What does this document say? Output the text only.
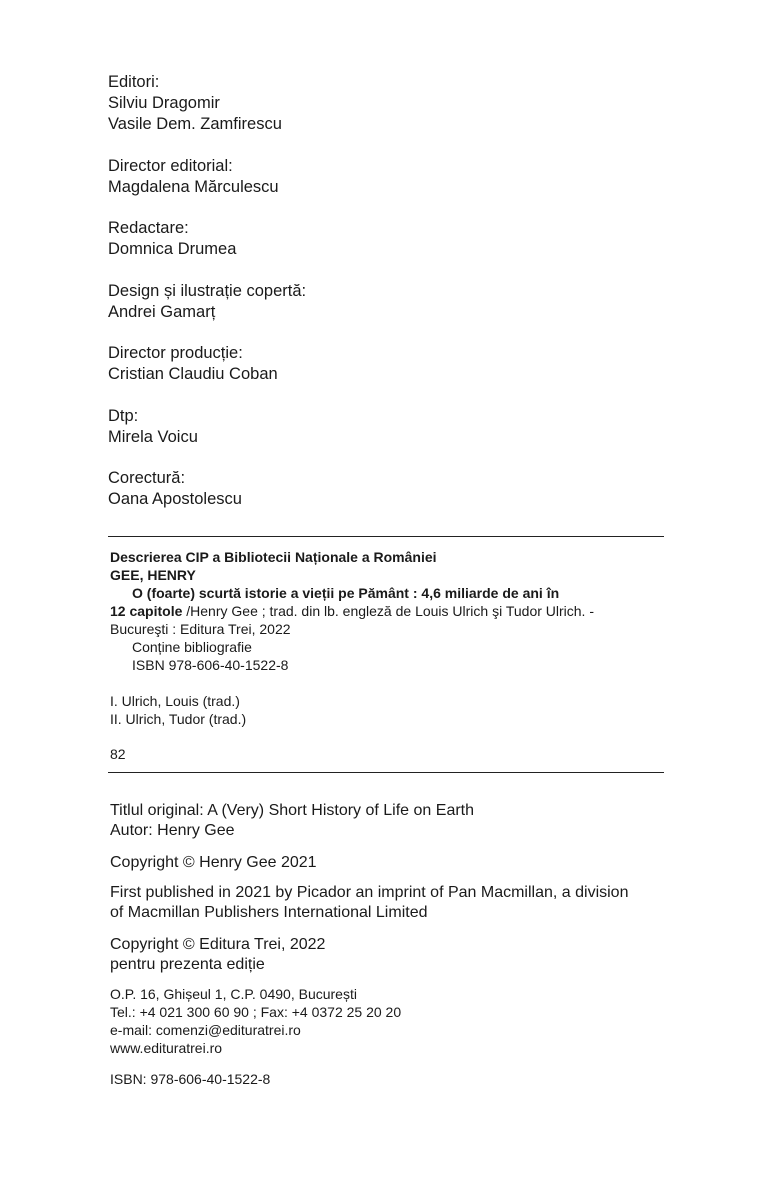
Editori:
Silviu Dragomir
Vasile Dem. Zamfirescu
Director editorial:
Magdalena Mărculescu
Redactare:
Domnica Drumea
Design și ilustrație copertă:
Andrei Gamarț
Director producție:
Cristian Claudiu Coban
Dtp:
Mirela Voicu
Corectură:
Oana Apostolescu
Descrierea CIP a Bibliotecii Naționale a României
GEE, HENRY
O (foarte) scurtă istorie a vieții pe Pământ : 4,6 miliarde de ani în
12 capitole /Henry Gee ; trad. din lb. engleză de Louis Ulrich şi Tudor Ulrich. -
Bucureşti : Editura Trei, 2022
Conține bibliografie
ISBN 978-606-40-1522-8
I. Ulrich, Louis (trad.)
II. Ulrich, Tudor (trad.)
82
Titlul original: A (Very) Short History of Life on Earth
Autor: Henry Gee
Copyright © Henry Gee 2021
First published in 2021 by Picador an imprint of Pan Macmillan, a division
of Macmillan Publishers International Limited
Copyright © Editura Trei, 2022
pentru prezenta ediție
O.P. 16, Ghișeul 1, C.P. 0490, București
Tel.: +4 021 300 60 90 ; Fax: +4 0372 25 20 20
e-mail: comenzi@edituratrei.ro
www.edituratrei.ro
ISBN: 978-606-40-1522-8
